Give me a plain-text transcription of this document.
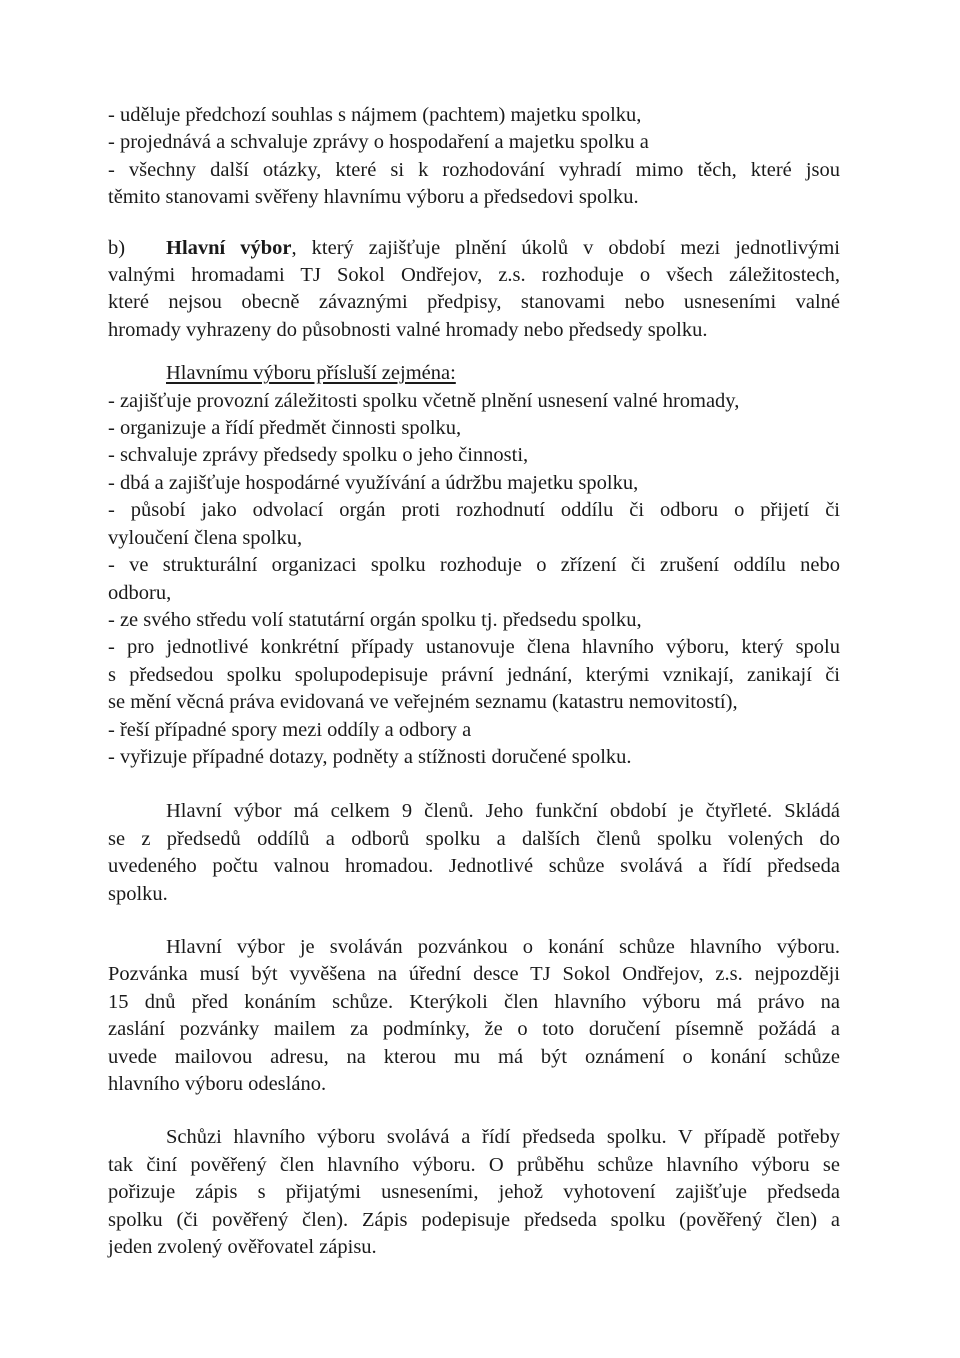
- uděluje předchozí souhlas s nájmem (pachtem) majetku spolku,
- projednává a schvaluje zprávy o hospodaření a majetku spolku a
- všechny další otázky, které si k rozhodování vyhradí mimo těch, které jsou
těmito stanovami svěřeny hlavnímu výboru a předsedovi spolku.
b) Hlavní výbor, který zajišťuje plnění úkolů v období mezi jednotlivými
valnými hromadami TJ Sokol Ondřejov, z.s. rozhoduje o všech záležitostech,
které nejsou obecně závaznými předpisy, stanovami nebo usneseními valné
hromady vyhrazeny do působnosti valné hromady nebo předsedy spolku.
Hlavnímu výboru přísluší zejména:
- zajišťuje provozní záležitosti spolku včetně plnění usnesení valné hromady,
- organizuje a řídí předmět činnosti spolku,
- schvaluje zprávy předsedy spolku o jeho činnosti,
- dbá a zajišťuje hospodárné využívání a údržbu majetku spolku,
- působí jako odvolací orgán proti rozhodnutí oddílu či odboru o přijetí či
vyloučení člena spolku,
- ve strukturální organizaci spolku rozhoduje o zřízení či zrušení oddílu nebo
odboru,
- ze svého středu volí statutární orgán spolku tj. předsedu spolku,
- pro jednotlivé konkrétní případy ustanovuje člena hlavního výboru, který spolu
s předsedou spolku spolupodepisuje právní jednání, kterými vznikají, zanikají či
se mění věcná práva evidovaná ve veřejném seznamu (katastru nemovitostí),
- řeší případné spory mezi oddíly a odbory a
- vyřizuje případné dotazy, podněty a stížnosti doručené spolku.
Hlavní výbor má celkem 9 členů. Jeho funkční období je čtyřleté. Skládá
se z předsedů oddílů a odborů spolku a dalších členů spolku volených do
uvedeného počtu valnou hromadou. Jednotlivé schůze svolává a řídí předseda
spolku.
Hlavní výbor je svoláván pozvánkou o konání schůze hlavního výboru.
Pozvánka musí být vyvěšena na úřední desce TJ Sokol Ondřejov, z.s. nejpozději
15 dnů před konáním schůze. Kterýkoli člen hlavního výboru má právo na
zaslání pozvánky mailem za podmínky, že o toto doručení písemně požádá a
uvede mailovou adresu, na kterou mu má být oznámení o konání schůze
hlavního výboru odesláno.
Schůzi hlavního výboru svolává a řídí předseda spolku. V případě potřeby
tak činí pověřený člen hlavního výboru. O průběhu schůze hlavního výboru se
pořizuje zápis s přijatými usneseními, jehož vyhotovení zajišťuje předseda
spolku (či pověřený člen). Zápis podepisuje předseda spolku (pověřený člen) a
jeden zvolený ověřovatel zápisu.
